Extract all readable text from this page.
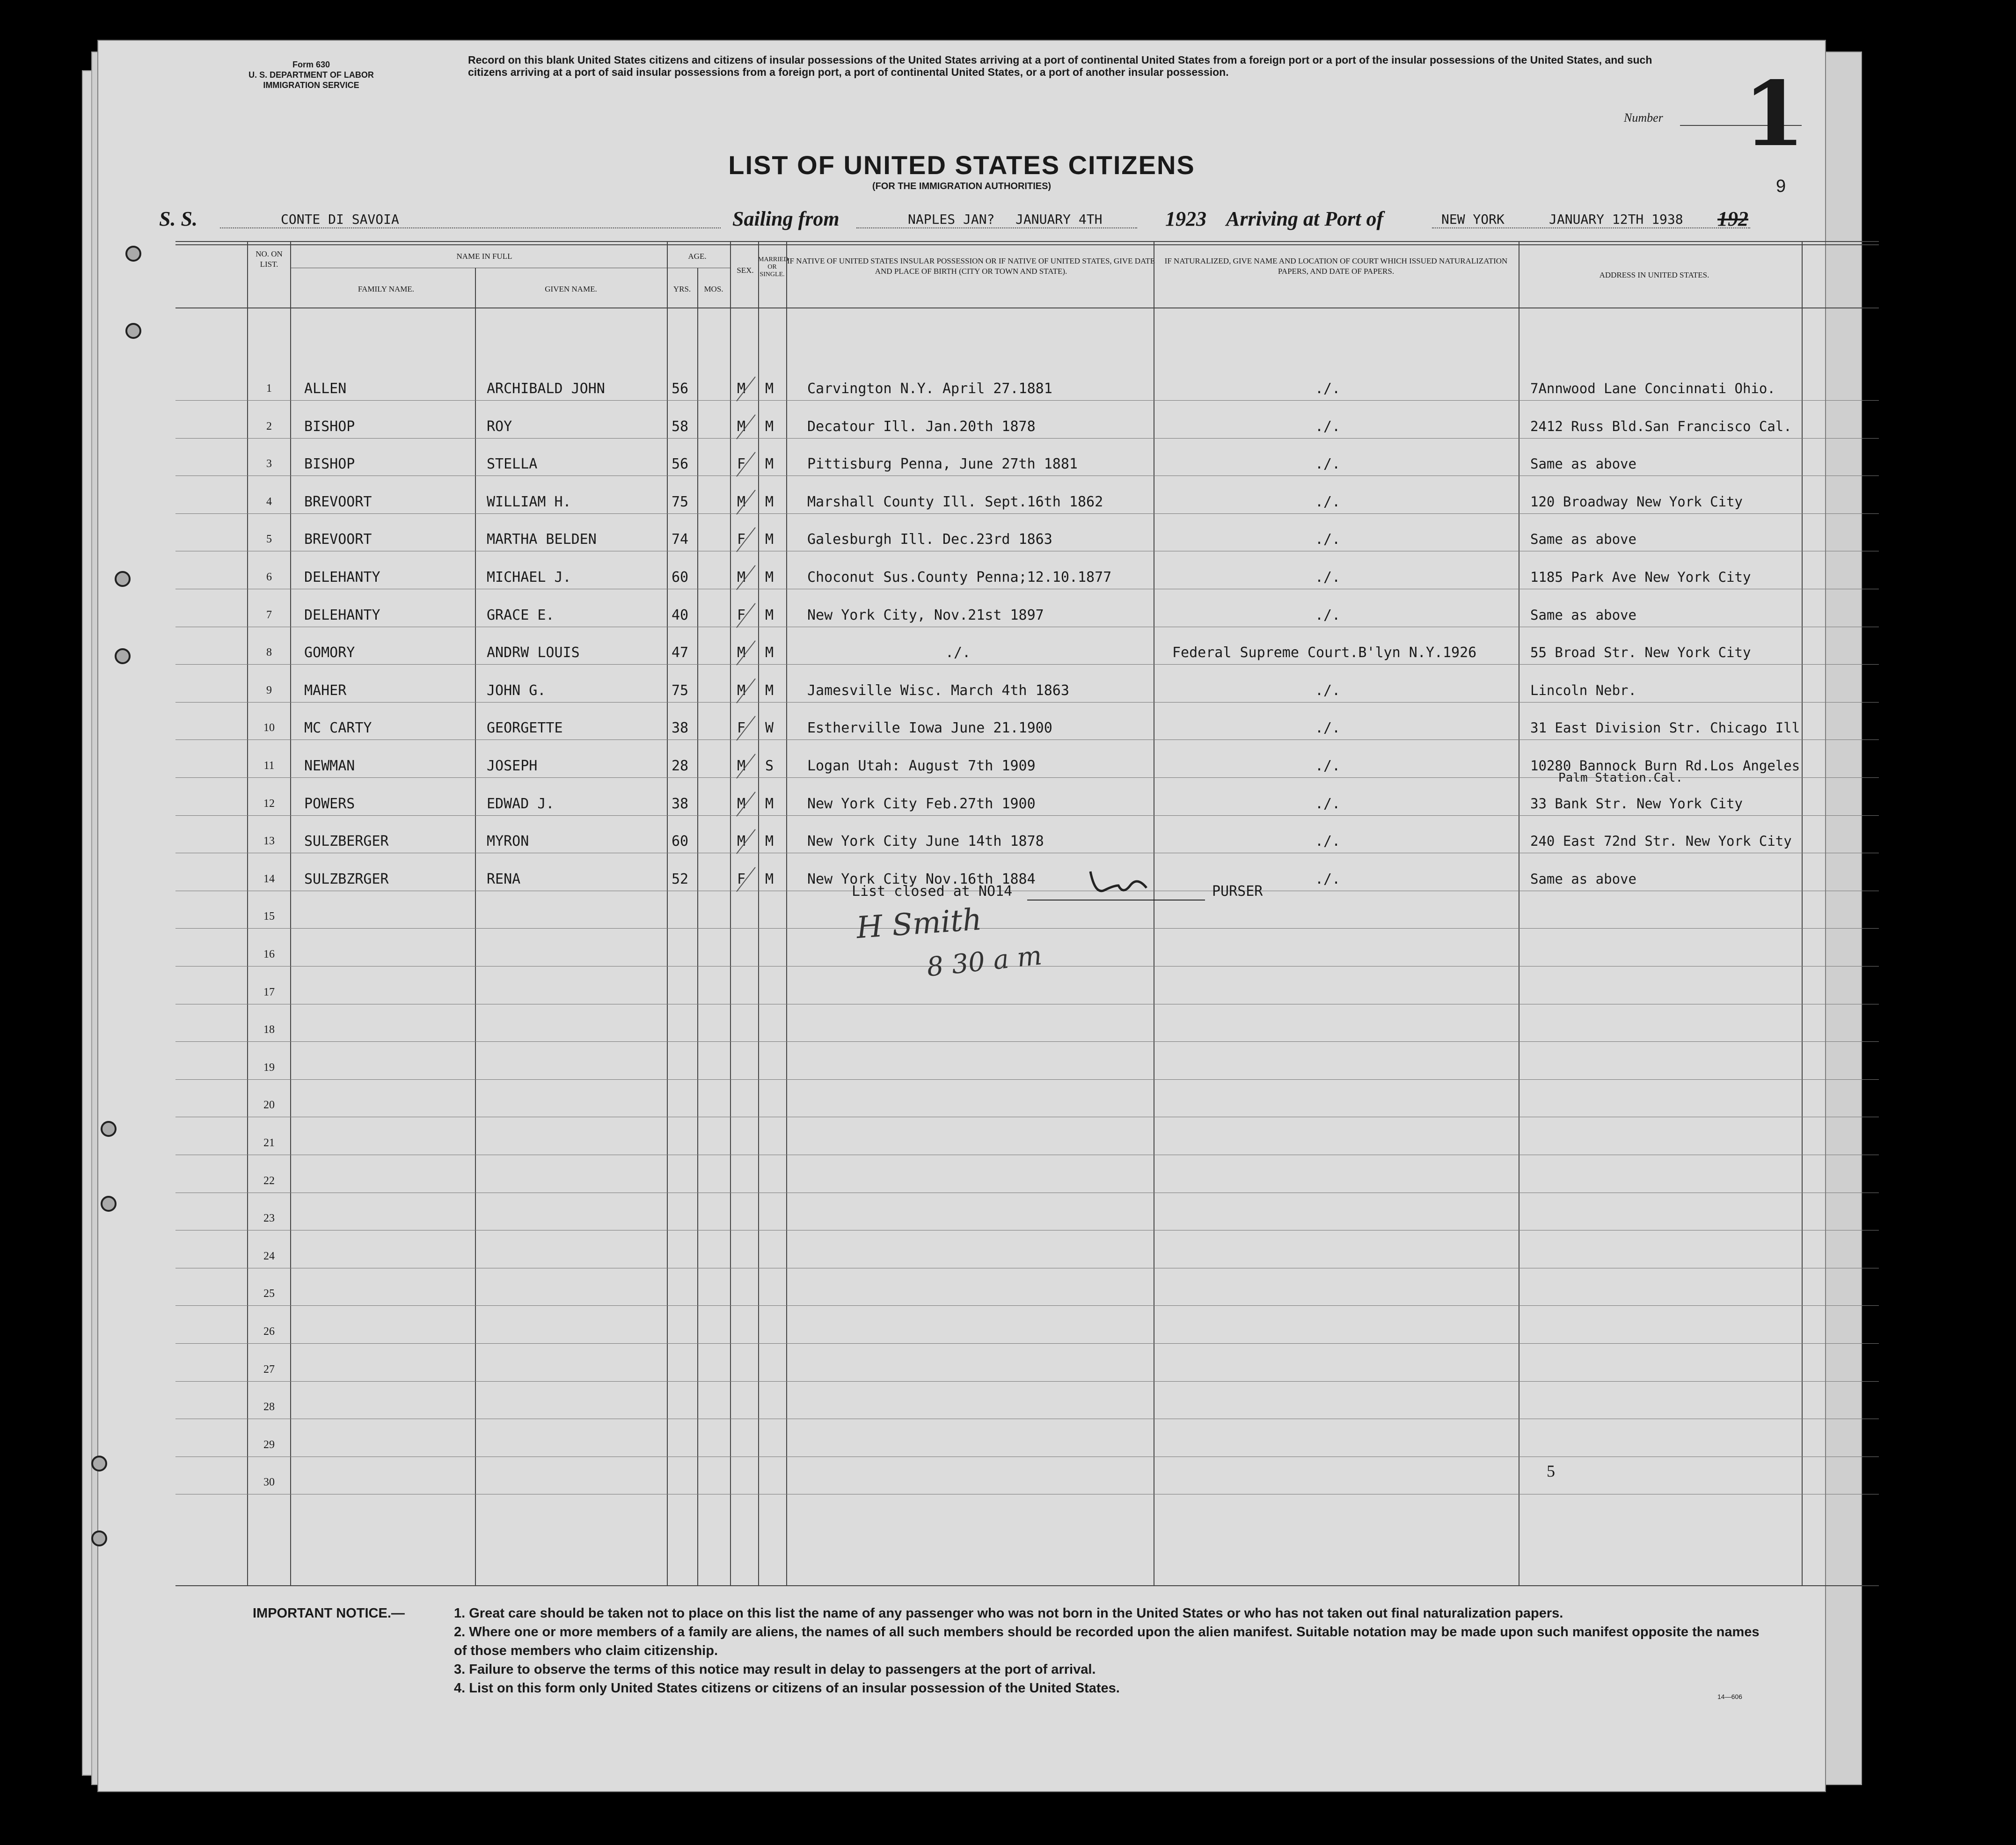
Form 630
U. S. DEPARTMENT OF LABOR
IMMIGRATION SERVICE
Record on this blank United States citizens and citizens of insular possessions of the United States arriving at a port of continental United States from a foreign port or a port of the insular possessions of the United States, and such citizens arriving at a port of said insular possessions from a foreign port, a port of continental United States, or a port of another insular possession.
Number 1
9
LIST OF UNITED STATES CITIZENS
(FOR THE IMMIGRATION AUTHORITIES)
S. S.	CONTE DI SAVOIA	Sailing from	NAPLES JAN? JANUARY 4TH	1923 Arriving at Port of	NEW YORK	JANUARY 12TH 1938 192
NO. ON LIST.
NAME IN FULL
FAMILY NAME.	GIVEN NAME.
AGE.
YRS.	MOS.
SEX.
MARRIED OR SINGLE.
IF NATIVE OF UNITED STATES INSULAR POSSESSION OR IF NATIVE OF UNITED STATES, GIVE DATE AND PLACE OF BIRTH (CITY OR TOWN AND STATE).
IF NATURALIZED, GIVE NAME AND LOCATION OF COURT WHICH ISSUED NATURALIZATION PAPERS, AND DATE OF PAPERS.	ADDRESS IN UNITED STATES.
1	ALLEN	ARCHIBALD JOHN	56	M M Carvington N.Y. April 27.1881	./.	7Annwood Lane Concinnati Ohio.
2	BISHOP	ROY	58	M M Decatour Ill. Jan.20th 1878	./.	2412 Russ Bld.San Francisco Cal.
3	BISHOP	STELLA	56	F M Pittisburg Penna, June 27th 1881	./.	Same as above
4	BREVOORT	WILLIAM H.	75	M M Marshall County Ill. Sept.16th 1862	./.	120 Broadway New York City
5	BREVOORT	MARTHA BELDEN	74	F M Galesburgh Ill. Dec.23rd 1863	./.	Same as above
6	DELEHANTY	MICHAEL J.	60	M M Choconut Sus.County Penna;12.10.1877	./.	1185 Park Ave New York City
7	DELEHANTY	GRACE E.	40	F M New York City, Nov.21st 1897	./.	Same as above
8	GOMORY	ANDRW LOUIS	47	M M	./.	Federal Supreme Court.B'lyn N.Y.1926	55 Broad Str. New York City
9	MAHER	JOHN G.	75	M M Jamesville Wisc. March 4th 1863	./.	Lincoln Nebr.
10	MC CARTY	GEORGETTE	38	F W Estherville Iowa June 21.1900	./.	31 East Division Str. Chicago Ill
11	NEWMAN	JOSEPH	28	M S Logan Utah: August 7th 1909	./.	10280 Bannock Burn Rd.Los Angeles
Palm Station.Cal.
12	POWERS	EDWAD J.	38	M M New York City Feb.27th 1900	./.	33 Bank Str. New York City
13	SULZBERGER	MYRON	60	M M New York City June 14th 1878	./.	240 East 72nd Str. New York City
14	SULZBZRGER	RENA	52	F M New York City Nov.16th 1884	./.	Same as above
15
16
17
18
19
20
21
22
23
24
25
26
27
28
29
30
List closed at NO14	PURSER
H Smith
8 30 a m
5
IMPORTANT NOTICE.—	1. Great care should be taken not to place on this list the name of any passenger who was not born in the United States or who has not taken out final naturalization papers.
2. Where one or more members of a family are aliens, the names of all such members should be recorded upon the alien manifest. Suitable notation may be made upon such manifest opposite the names of those members who claim citizenship.
3. Failure to observe the terms of this notice may result in delay to passengers at the port of arrival.
4. List on this form only United States citizens or citizens of an insular possession of the United States.
14—606
